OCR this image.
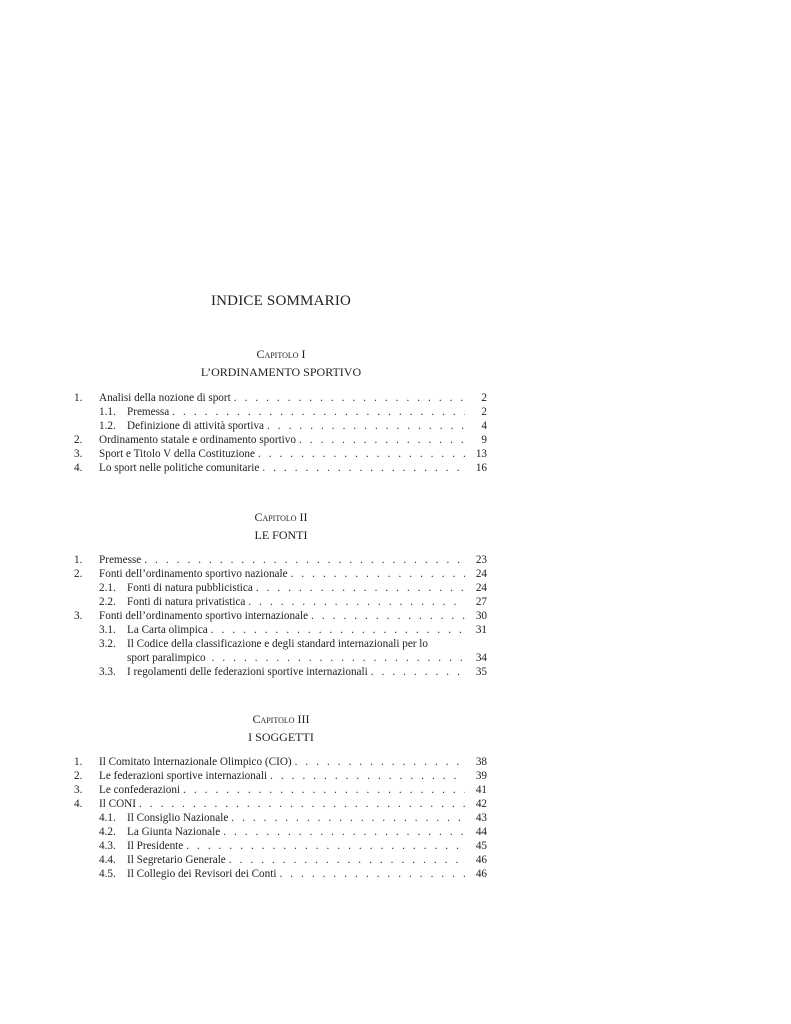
INDICE SOMMARIO
Capitolo I
L’ORDINAMENTO SPORTIVO
1.	Analisi della nozione di sport . . .	2
1.1.	Premessa . . .	2
1.2.	Definizione di attività sportiva . . .	4
2.	Ordinamento statale e ordinamento sportivo . . .	9
3.	Sport e Titolo V della Costituzione . . .	13
4.	Lo sport nelle politiche comunitarie . . .	16
Capitolo II
LE FONTI
1.	Premesse . . .	23
2.	Fonti dell’ordinamento sportivo nazionale . . .	24
2.1.	Fonti di natura pubblicistica . . .	24
2.2.	Fonti di natura privatistica . . .	27
3.	Fonti dell’ordinamento sportivo internazionale . . .	30
3.1.	La Carta olimpica . . .	31
3.2.	Il Codice della classificazione e degli standard internazionali per lo
sport paralimpico . . .	34
3.3.	I regolamenti delle federazioni sportive internazionali . . .	35
Capitolo III
I SOGGETTI
1.	Il Comitato Internazionale Olimpico (CIO) . . .	38
2.	Le federazioni sportive internazionali . . .	39
3.	Le confederazioni . . .	41
4.	Il CONI . . .	42
4.1.	Il Consiglio Nazionale . . .	43
4.2.	La Giunta Nazionale . . .	44
4.3.	Il Presidente . . .	45
4.4.	Il Segretario Generale . . .	46
4.5.	Il Collegio dei Revisori dei Conti . . .	46
